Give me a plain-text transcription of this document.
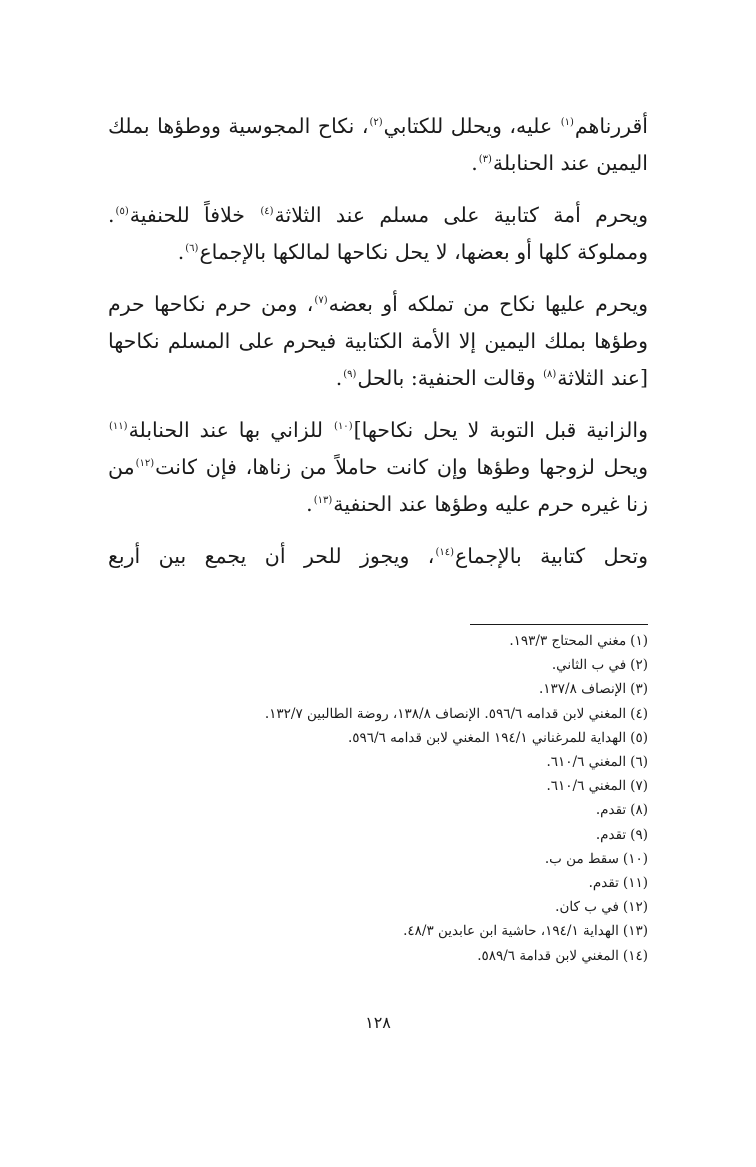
أقررناهم$^{(١)}$ عليه، ويحلل للكتابي$^{(٢)}$، نكاح المجوسية ووطؤها بملك اليمين عند الحنابلة$^{(٣)}$.

ويحرم أمة كتابية على مسلم عند الثلاثة$^{(٤)}$ خلافاً للحنفية$^{(٥)}$. ومملوكة كلها أو بعضها، لا يحل نكاحها لمالكها بالإجماع$^{(٦)}$.

ويحرم عليها نكاح من تملكه أو بعضه$^{(٧)}$، ومن حرم نكاحها حرم وطؤها بملك اليمين إلا الأمة الكتابية فيحرم على المسلم نكاحها [عند الثلاثة$^{(٨)}$ وقالت الحنفية: بالحل$^{(٩)}$.

والزانية قبل التوبة لا يحل نكاحها]$^{(١٠)}$ للزاني بها عند الحنابلة$^{(١١)}$ ويحل لزوجها وطؤها وإن كانت حاملاً من زناها، فإن كانت$^{(١٢)}$من زنا غيره حرم عليه وطؤها عند الحنفية$^{(١٣)}$.

وتحل كتابية بالإجماع$^{(١٤)}$، ويجوز للحر أن يجمع بين أربع

(١)مغني المحتاج ١٩٣/٣.
(٢)في ب الثاني.
(٣)الإنصاف ١٣٧/٨.
(٤)المغني لابن قدامه ٥٩٦/٦. الإنصاف ١٣٨/٨، روضة الطالبين ١٣٢/٧.
(٥)الهداية للمرغناني ١٩٤/١ المغني لابن قدامه ٥٩٦/٦.
(٦)المغني ٦١٠/٦.
(٧)المغني ٦١٠/٦.
(٨)تقدم.
(٩)تقدم.
(١٠)سقط من ب.
(١١)تقدم.
(١٢)في ب كان.
(١٣)الهداية ١٩٤/١، حاشية ابن عابدين ٤٨/٣.
(١٤)المغني لابن قدامة ٥٨٩/٦.
١٢٨
